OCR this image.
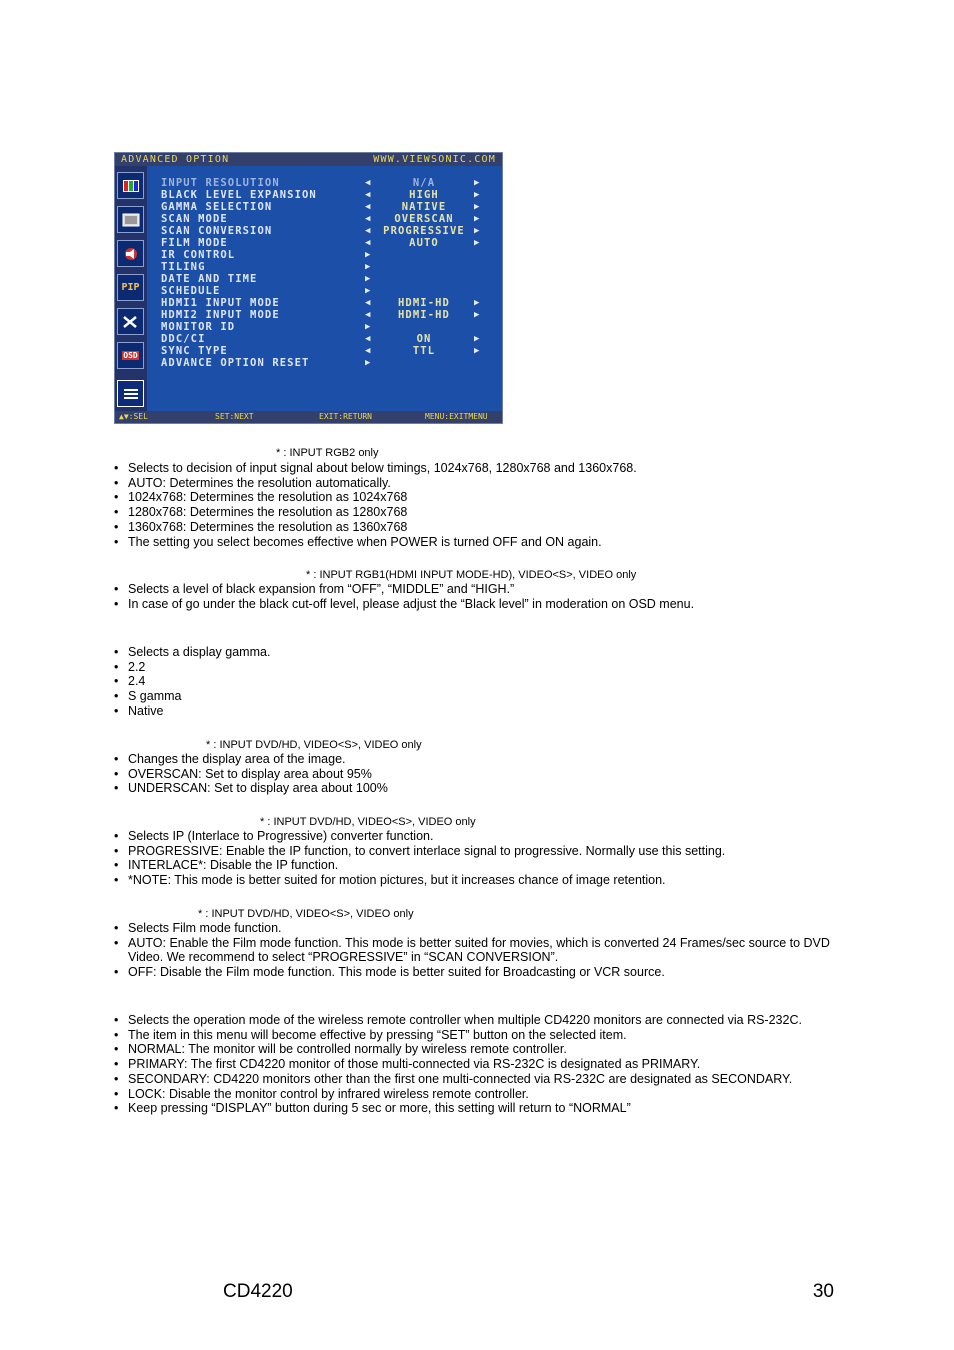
ADVANCED OPTION	WWW.VIEWSONIC.COM
PIP
OSD
INPUT RESOLUTION	◀	N/A	▶
BLACK LEVEL EXPANSION	◀	HIGH	▶
GAMMA SELECTION	◀	NATIVE	▶
SCAN MODE	◀	OVERSCAN	▶
SCAN CONVERSION	◀	PROGRESSIVE	▶
FILM MODE	◀	AUTO	▶
IR CONTROL	▶
TILING	▶
DATE AND TIME	▶
SCHEDULE	▶
HDMI1 INPUT MODE	◀	HDMI-HD	▶
HDMI2 INPUT MODE	◀	HDMI-HD	▶
MONITOR ID	▶
DDC/CI	◀	ON	▶
SYNC TYPE	◀	TTL	▶
ADVANCE OPTION RESET	▶
▲▼:SEL	SET:NEXT	EXIT:RETURN	MENU:EXITMENU
* : INPUT RGB2 only
• Selects to decision of input signal about below timings, 1024x768, 1280x768 and 1360x768.
• AUTO: Determines the resolution automatically.
• 1024x768: Determines the resolution as 1024x768
• 1280x768: Determines the resolution as 1280x768
• 1360x768: Determines the resolution as 1360x768
• The setting you select becomes effective when POWER is turned OFF and ON again.
* : INPUT RGB1(HDMI INPUT MODE-HD), VIDEO<S>, VIDEO only
• Selects a level of black expansion from “OFF”, “MIDDLE” and “HIGH.”
• In case of go under the black cut-off level, please adjust the “Black level” in moderation on OSD menu.
• Selects a display gamma.
• 2.2
• 2.4
• S gamma
• Native
* : INPUT DVD/HD, VIDEO<S>, VIDEO only
• Changes the display area of the image.
• OVERSCAN: Set to display area about 95%
• UNDERSCAN: Set to display area about 100%
* : INPUT DVD/HD, VIDEO<S>, VIDEO only
• Selects IP (Interlace to Progressive) converter function.
• PROGRESSIVE: Enable the IP function, to convert interlace signal to progressive. Normally use this setting.
• INTERLACE*: Disable the IP function.
• *NOTE: This mode is better suited for motion pictures, but it increases chance of image retention.
* : INPUT DVD/HD, VIDEO<S>, VIDEO only
• Selects Film mode function.
• AUTO: Enable the Film mode function. This mode is better suited for movies, which is converted 24 Frames/sec source to DVD Video. We recommend to select “PROGRESSIVE” in “SCAN CONVERSION”.
• OFF: Disable the Film mode function. This mode is better suited for Broadcasting or VCR source.
• Selects the operation mode of the wireless remote controller when multiple CD4220 monitors are connected via RS-232C.
• The item in this menu will become effective by pressing “SET” button on the selected item.
• NORMAL: The monitor will be controlled normally by wireless remote controller.
• PRIMARY: The first CD4220 monitor of those multi-connected via RS-232C is designated as PRIMARY.
• SECONDARY: CD4220 monitors other than the first one multi-connected via RS-232C are designated as SECONDARY.
• LOCK: Disable the monitor control by infrared wireless remote controller.
• Keep pressing “DISPLAY” button during 5 sec or more, this setting will return to “NORMAL”
CD4220	30
